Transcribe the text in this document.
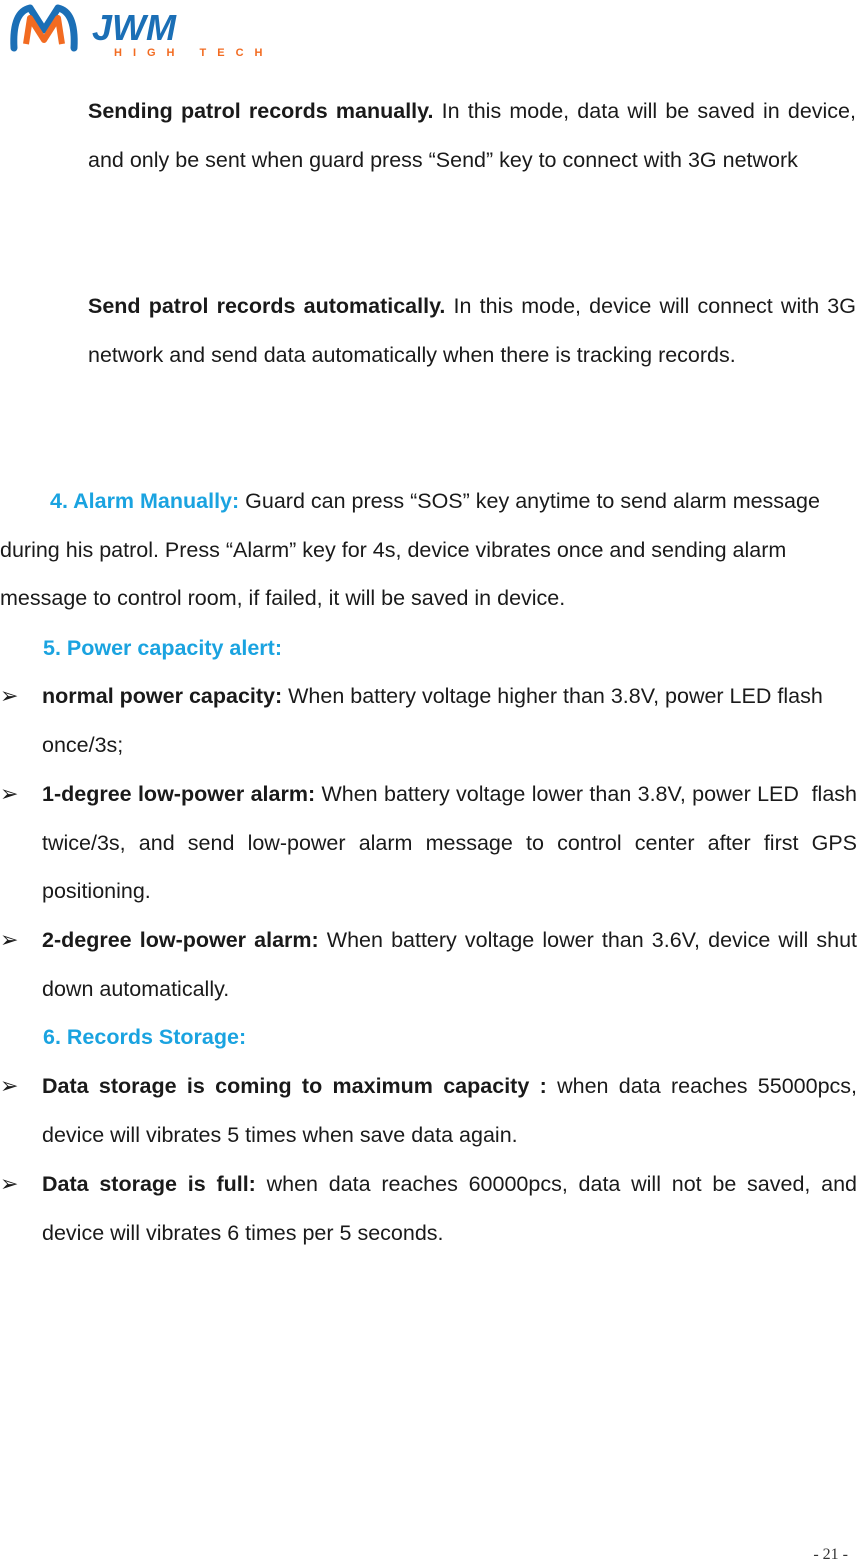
JWM
HIGH TECH

Sending patrol records manually. In this mode, data will be saved in device, and only be sent when guard press “Send” key to connect with 3G network

Send patrol records automatically. In this mode, device will connect with 3G network and send data automatically when there is tracking records.

4. Alarm Manually: Guard can press “SOS” key anytime to send alarm message during his patrol. Press “Alarm” key for 4s, device vibrates once and sending alarm message to control room, if failed, it will be saved in device.

5. Power capacity alert:

➢ normal power capacity: When battery voltage higher than 3.8V, power LED flash once/3s;

➢ 1-degree low-power alarm: When battery voltage lower than 3.8V, power LED  flash twice/3s, and send low-power alarm message to control center after first GPS positioning.

➢ 2-degree low-power alarm: When battery voltage lower than 3.6V, device will shut down automatically.

6. Records Storage:

➢ Data storage is coming to maximum capacity : when data reaches 55000pcs, device will vibrates 5 times when save data again.

➢ Data storage is full: when data reaches 60000pcs, data will not be saved, and device will vibrates 6 times per 5 seconds.

- 21 -
